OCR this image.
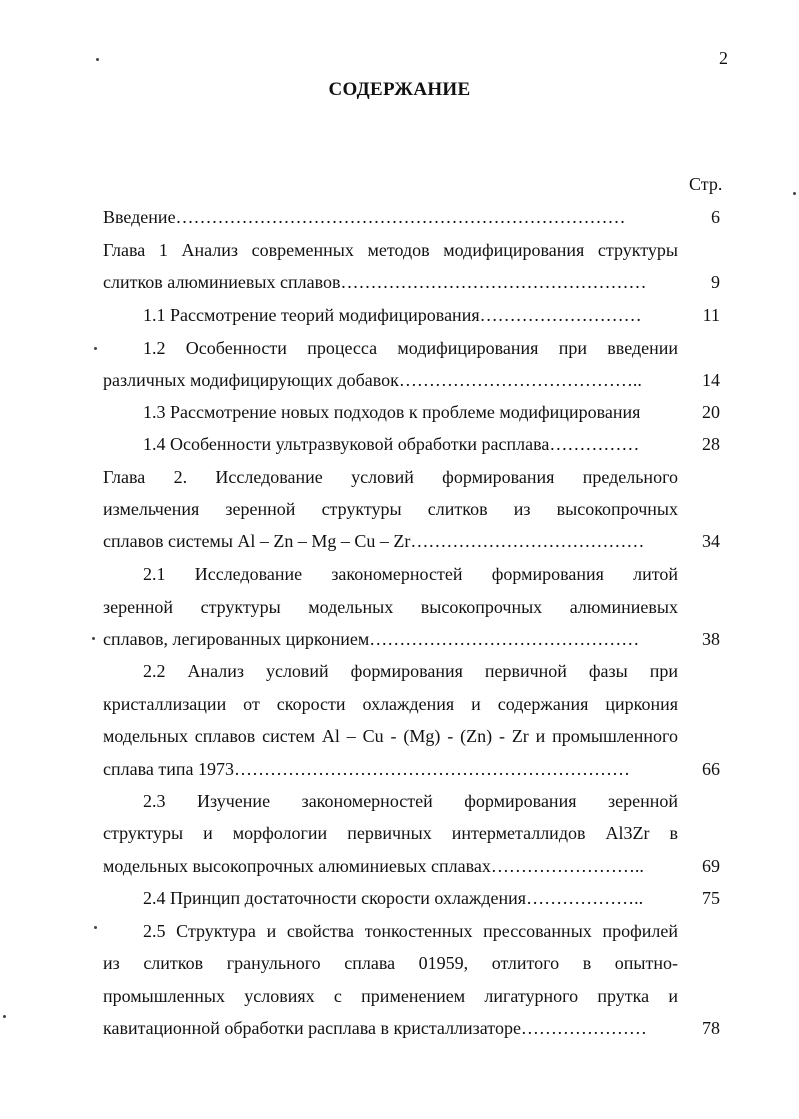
2
СОДЕРЖАНИЕ
Стр.
Введение…………………………………………………………………	6
Глава 1 Анализ современных методов модифицирования структуры
слитков алюминиевых сплавов……………………………………………	9
1.1 Рассмотрение теорий модифицирования………………………	11
1.2 Особенности процесса модифицирования при введении
различных модифицирующих добавок…………………………………..	14
1.3 Рассмотрение новых подходов к проблеме модифицирования	20
1.4 Особенности ультразвуковой обработки расплава……………	28
Глава 2. Исследование условий формирования предельного
измельчения зеренной структуры слитков из высокопрочных
сплавов системы Al – Zn – Mg – Cu – Zr…………………………………	34
2.1 Исследование закономерностей формирования литой
зеренной структуры модельных высокопрочных алюминиевых
сплавов, легированных цирконием………………………………………	38
2.2 Анализ условий формирования первичной фазы при
кристаллизации от скорости охлаждения и содержания циркония
модельных сплавов систем Al – Cu - (Mg) - (Zn) - Zr и промышленного
сплава типа 1973…………………………………………………………	66
2.3 Изучение закономерностей формирования зеренной
структуры и морфологии первичных интерметаллидов Al3Zr в
модельных высокопрочных алюминиевых сплавах……………………..	69
2.4 Принцип достаточности скорости охлаждения………………..	75
2.5 Структура и свойства тонкостенных прессованных профилей
из слитков гранульного сплава 01959, отлитого в опытно-
промышленных условиях с применением лигатурного прутка и
кавитационной обработки расплава в кристаллизаторе…………………	78
